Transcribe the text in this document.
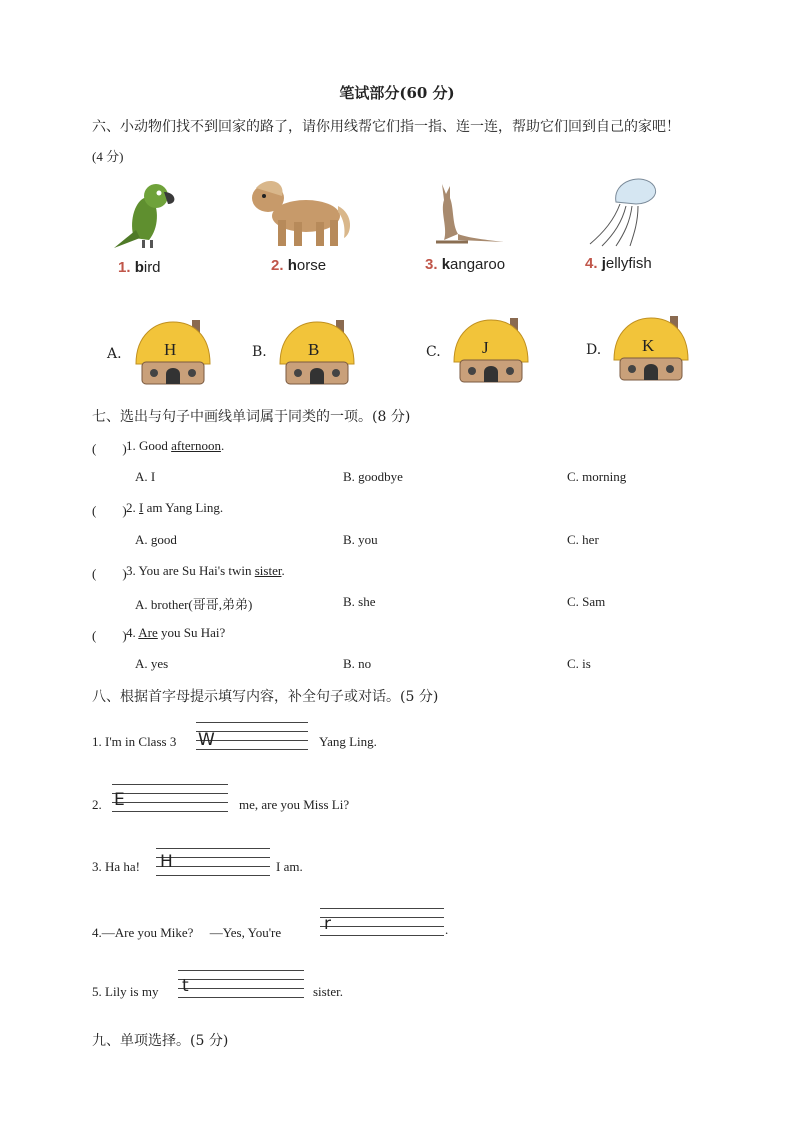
笔试部分(60 分)
六、小动物们找不到回家的路了，请你用线帮它们指一指、连一连，帮助它们回到自己的家吧！
(4 分)
1. bird	2. horse	3. kangaroo	4. jellyfish
A.	B.	C.	D.
H	B	J	K
七、选出与句子中画线单词属于同类的一项。(8 分)
(　　) 1. Good afternoon.
A. I	B. goodbye	C. morning
(　　) 2. I am Yang Ling.
A. good	B. you	C. her
(　　) 3. You are Su Hai's twin sister.
A. brother(哥哥,弟弟)	B. she	C. Sam
(　　) 4. Are you Su Hai?
A. yes	B. no	C. is
八、根据首字母提示填写内容，补全句子或对话。(5 分)
1. I'm in Class 3 W	Yang Ling.
2. E	me, are you Miss Li?
3. Ha ha! H	I am.
4.—Are you Mike?　 —Yes, You're	r	.
5. Lily is my t	sister.
九、单项选择。(5 分)
